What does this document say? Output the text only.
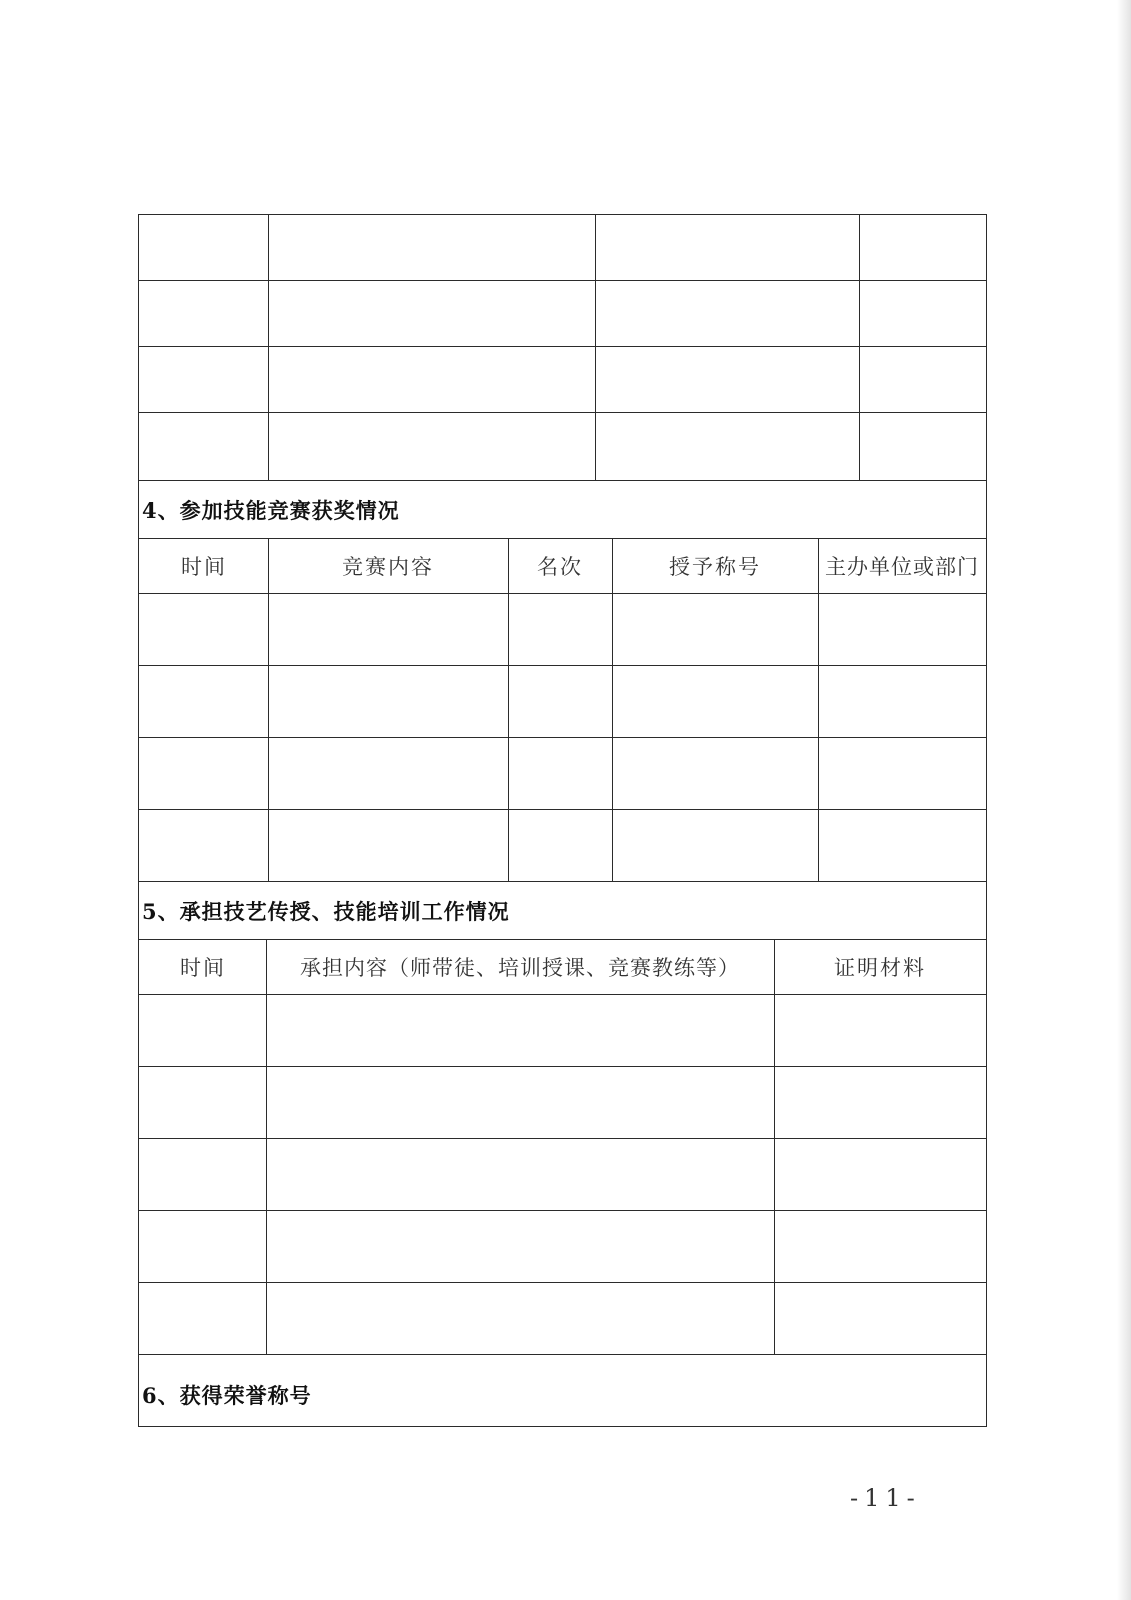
4、参加技能竞赛获奖情况
时间	竞赛内容	名次	授予称号	主办单位或部门
5、承担技艺传授、技能培训工作情况
时间	承担内容（师带徒、培训授课、竞赛教练等）	证明材料
6、获得荣誉称号
-11-
